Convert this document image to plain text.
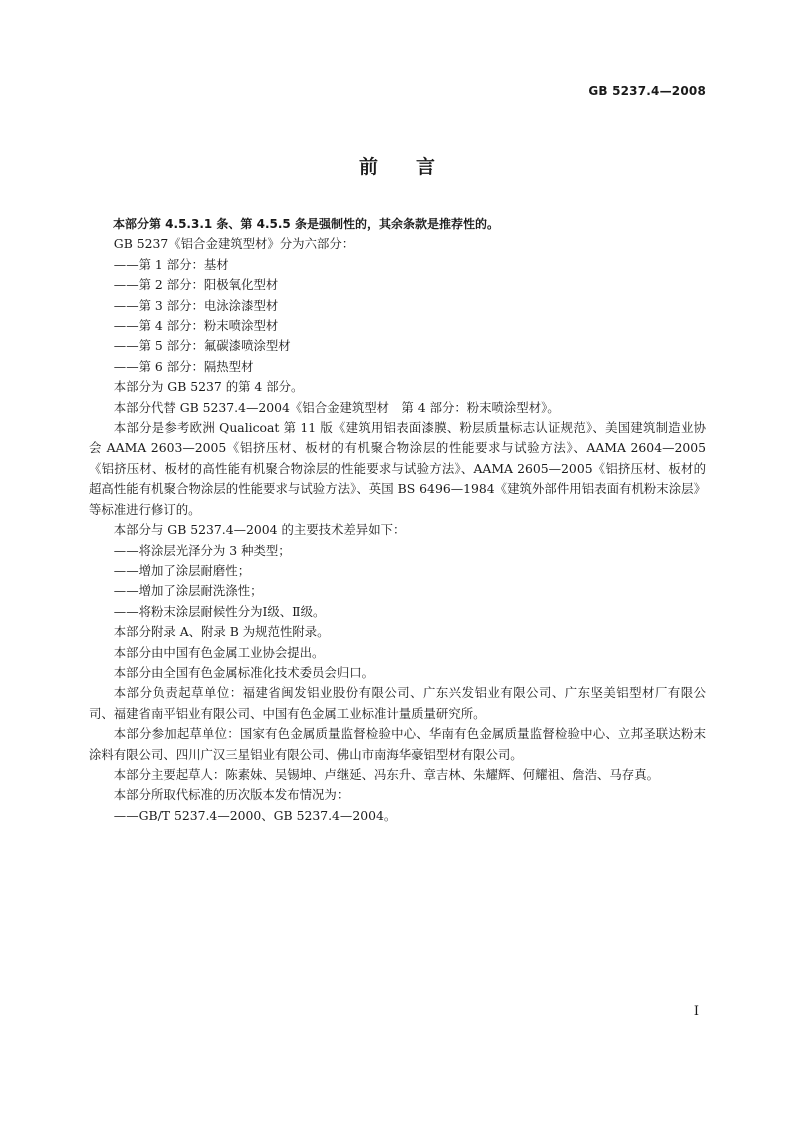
GB 5237.4—2008
前言

本部分第 4.5.3.1 条、第 4.5.5 条是强制性的，其余条款是推荐性的。

GB 5237《铝合金建筑型材》分为六部分：

——第 1 部分：基材

——第 2 部分：阳极氧化型材

——第 3 部分：电泳涂漆型材

——第 4 部分：粉末喷涂型材

——第 5 部分：氟碳漆喷涂型材

——第 6 部分：隔热型材

本部分为 GB 5237 的第 4 部分。

本部分代替 GB 5237.4—2004《铝合金建筑型材　第 4 部分：粉末喷涂型材》。

本部分是参考欧洲 Qualicoat 第 11 版《建筑用铝表面漆膜、粉层质量标志认证规范》、美国建筑制造业协会 AAMA 2603—2005《铝挤压材、板材的有机聚合物涂层的性能要求与试验方法》、AAMA 2604—2005《铝挤压材、板材的高性能有机聚合物涂层的性能要求与试验方法》、AAMA 2605—2005《铝挤压材、板材的超高性能有机聚合物涂层的性能要求与试验方法》、英国 BS 6496—1984《建筑外部件用铝表面有机粉末涂层》等标准进行修订的。

本部分与 GB 5237.4—2004 的主要技术差异如下：

——将涂层光泽分为 3 种类型；

——增加了涂层耐磨性；

——增加了涂层耐洗涤性；

——将粉末涂层耐候性分为Ⅰ级、Ⅱ级。

本部分附录 A、附录 B 为规范性附录。

本部分由中国有色金属工业协会提出。

本部分由全国有色金属标准化技术委员会归口。

本部分负责起草单位：福建省闽发铝业股份有限公司、广东兴发铝业有限公司、广东坚美铝型材厂有限公司、福建省南平铝业有限公司、中国有色金属工业标准计量质量研究所。

本部分参加起草单位：国家有色金属质量监督检验中心、华南有色金属质量监督检验中心、立邦圣联达粉末涂料有限公司、四川广汉三星铝业有限公司、佛山市南海华豪铝型材有限公司。

本部分主要起草人：陈素妹、吴锡坤、卢继延、冯东升、章吉林、朱耀辉、何耀祖、詹浩、马存真。

本部分所取代标准的历次版本发布情况为：

——GB/T 5237.4—2000、GB 5237.4—2004。

I
